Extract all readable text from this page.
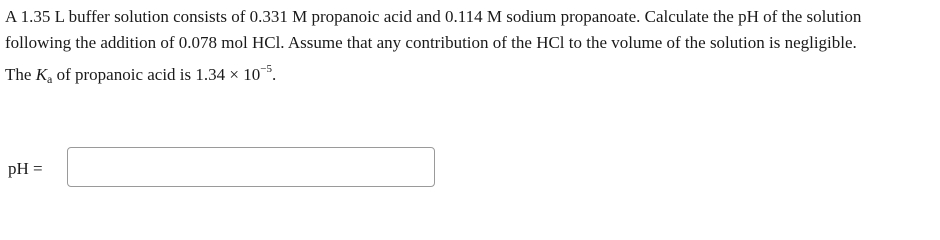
A 1.35 L buffer solution consists of 0.331 M propanoic acid and 0.114 M sodium propanoate. Calculate the pH of the solution
following the addition of 0.078 mol HCl. Assume that any contribution of the HCl to the volume of the solution is negligible.
The Ka of propanoic acid is $1.34 \times 10^{-5}$.
pH =
